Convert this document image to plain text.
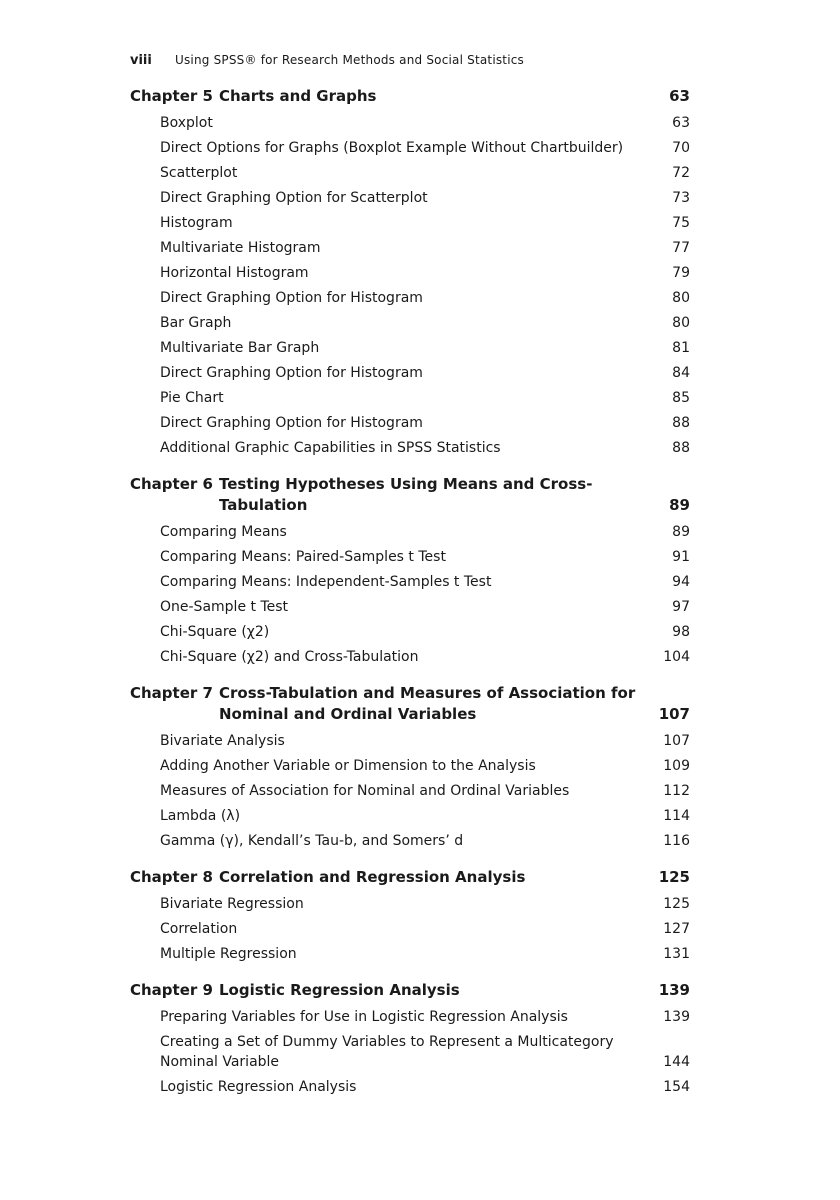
viii	Using SPSS® for Research Methods and Social Statistics
Chapter 5 Charts and Graphs	63
Boxplot	63
Direct Options for Graphs (Boxplot Example Without Chartbuilder)	70
Scatterplot	72
Direct Graphing Option for Scatterplot	73
Histogram	75
Multivariate Histogram	77
Horizontal Histogram	79
Direct Graphing Option for Histogram	80
Bar Graph	80
Multivariate Bar Graph	81
Direct Graphing Option for Histogram	84
Pie Chart	85
Direct Graphing Option for Histogram	88
Additional Graphic Capabilities in SPSS Statistics	88
Chapter 6 Testing Hypotheses Using Means and Cross-Tabulation	89
Comparing Means	89
Comparing Means: Paired-Samples t Test	91
Comparing Means: Independent-Samples t Test	94
One-Sample t Test	97
Chi-Square (χ2)	98
Chi-Square (χ2) and Cross-Tabulation	104
Chapter 7 Cross-Tabulation and Measures of Association for Nominal and Ordinal Variables	107
Bivariate Analysis	107
Adding Another Variable or Dimension to the Analysis	109
Measures of Association for Nominal and Ordinal Variables	112
Lambda (λ)	114
Gamma (γ), Kendall’s Tau-b, and Somers’ d	116
Chapter 8 Correlation and Regression Analysis	125
Bivariate Regression	125
Correlation	127
Multiple Regression	131
Chapter 9 Logistic Regression Analysis	139
Preparing Variables for Use in Logistic Regression Analysis	139
Creating a Set of Dummy Variables to Represent a Multicategory Nominal Variable	144
Logistic Regression Analysis	154
